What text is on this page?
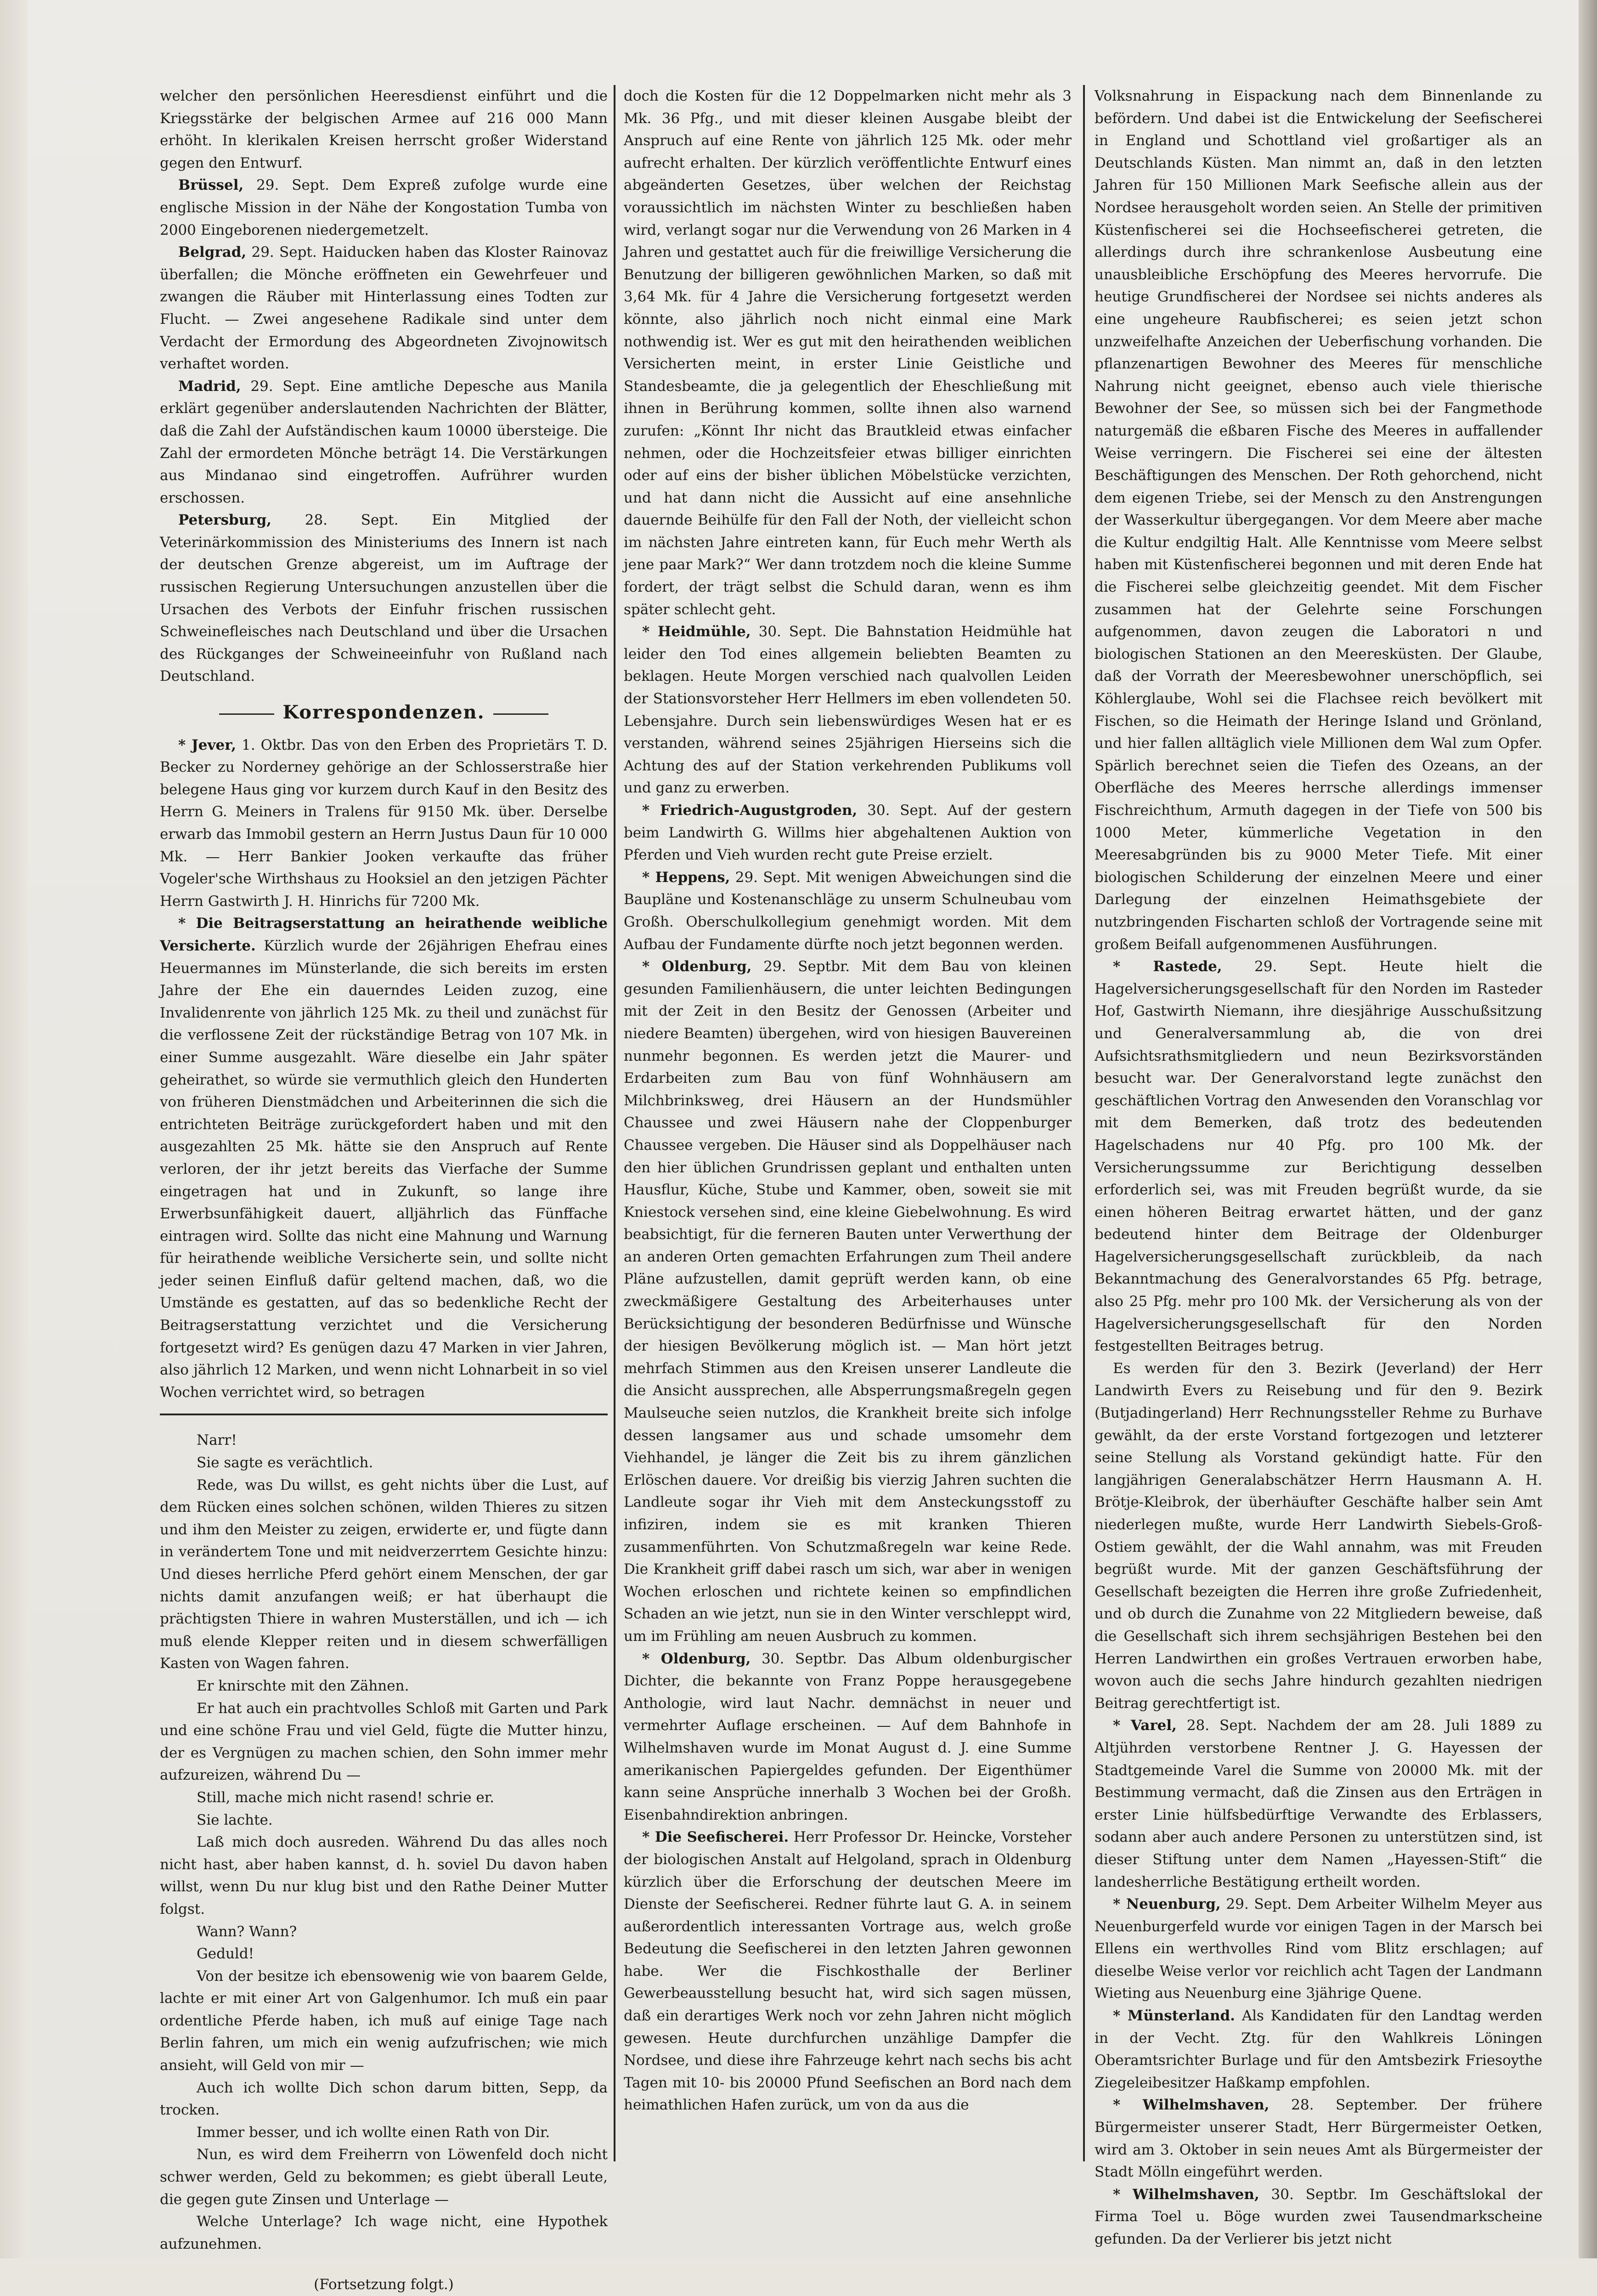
welcher den persönlichen Heeresdienst einführt und die Kriegsstärke der belgischen Armee auf 216 000 Mann erhöht. In klerikalen Kreisen herrscht großer Widerstand gegen den Entwurf.

Brüssel, 29. Sept. Dem Expreß zufolge wurde eine englische Mission in der Nähe der Kongostation Tumba von 2000 Eingeborenen niedergemetzelt.

Belgrad, 29. Sept. Haiducken haben das Kloster Rainovaz überfallen; die Mönche eröffneten ein Gewehrfeuer und zwangen die Räuber mit Hinterlassung eines Todten zur Flucht. — Zwei angesehene Radikale sind unter dem Verdacht der Ermordung des Abgeordneten Zivojnowitsch verhaftet worden.

Madrid, 29. Sept. Eine amtliche Depesche aus Manila erklärt gegenüber anderslautenden Nachrichten der Blätter, daß die Zahl der Aufständischen kaum 10000 übersteige. Die Zahl der ermordeten Mönche beträgt 14. Die Verstärkungen aus Mindanao sind eingetroffen. Aufrührer wurden erschossen.

Petersburg, 28. Sept. Ein Mitglied der Veterinärkommission des Ministeriums des Innern ist nach der deutschen Grenze abgereist, um im Auftrage der russischen Regierung Untersuchungen anzustellen über die Ursachen des Verbots der Einfuhr frischen russischen Schweinefleisches nach Deutschland und über die Ursachen des Rückganges der Schweineeinfuhr von Rußland nach Deutschland.

Korrespondenzen.

* Jever, 1. Oktbr. Das von den Erben des Proprietärs T. D. Becker zu Norderney gehörige an der Schlosserstraße hier belegene Haus ging vor kurzem durch Kauf in den Besitz des Herrn G. Meiners in Tralens für 9150 Mk. über. Derselbe erwarb das Immobil gestern an Herrn Justus Daun für 10 000 Mk. — Herr Bankier Jooken verkaufte das früher Vogeler'sche Wirthshaus zu Hooksiel an den jetzigen Pächter Herrn Gastwirth J. H. Hinrichs für 7200 Mk.

* Die Beitragserstattung an heirathende weibliche Versicherte. Kürzlich wurde der 26jährigen Ehefrau eines Heuermannes im Münsterlande, die sich bereits im ersten Jahre der Ehe ein dauerndes Leiden zuzog, eine Invalidenrente von jährlich 125 Mk. zu theil und zunächst für die verflossene Zeit der rückständige Betrag von 107 Mk. in einer Summe ausgezahlt. Wäre dieselbe ein Jahr später geheirathet, so würde sie vermuthlich gleich den Hunderten von früheren Dienstmädchen und Arbeiterinnen die sich die entrichteten Beiträge zurückgefordert haben und mit den ausgezahlten 25 Mk. hätte sie den Anspruch auf Rente verloren, der ihr jetzt bereits das Vierfache der Summe eingetragen hat und in Zukunft, so lange ihre Erwerbsunfähigkeit dauert, alljährlich das Fünffache eintragen wird. Sollte das nicht eine Mahnung und Warnung für heirathende weibliche Versicherte sein, und sollte nicht jeder seinen Einfluß dafür geltend machen, daß, wo die Umstände es gestatten, auf das so bedenkliche Recht der Beitragserstattung verzichtet und die Versicherung fortgesetzt wird? Es genügen dazu 47 Marken in vier Jahren, also jährlich 12 Marken, und wenn nicht Lohnarbeit in so viel Wochen verrichtet wird, so betragen

Narr!

Sie sagte es verächtlich.

Rede, was Du willst, es geht nichts über die Lust, auf dem Rücken eines solchen schönen, wilden Thieres zu sitzen und ihm den Meister zu zeigen, erwiderte er, und fügte dann in verändertem Tone und mit neidverzerrtem Gesichte hinzu: Und dieses herrliche Pferd gehört einem Menschen, der gar nichts damit anzufangen weiß; er hat überhaupt die prächtigsten Thiere in wahren Musterställen, und ich — ich muß elende Klepper reiten und in diesem schwerfälligen Kasten von Wagen fahren.

Er knirschte mit den Zähnen.

Er hat auch ein prachtvolles Schloß mit Garten und Park und eine schöne Frau und viel Geld, fügte die Mutter hinzu, der es Vergnügen zu machen schien, den Sohn immer mehr aufzureizen, während Du —

Still, mache mich nicht rasend! schrie er.

Sie lachte.

Laß mich doch ausreden. Während Du das alles noch nicht hast, aber haben kannst, d. h. soviel Du davon haben willst, wenn Du nur klug bist und den Rathe Deiner Mutter folgst.

Wann? Wann?

Geduld!

Von der besitze ich ebensowenig wie von baarem Gelde, lachte er mit einer Art von Galgenhumor. Ich muß ein paar ordentliche Pferde haben, ich muß auf einige Tage nach Berlin fahren, um mich ein wenig aufzufrischen; wie mich ansieht, will Geld von mir —

Auch ich wollte Dich schon darum bitten, Sepp, da trocken.

Immer besser, und ich wollte einen Rath von Dir.

Nun, es wird dem Freiherrn von Löwenfeld doch nicht schwer werden, Geld zu bekommen; es giebt überall Leute, die gegen gute Zinsen und Unterlage —

Welche Unterlage? Ich wage nicht, eine Hypothek aufzunehmen.

(Fortsetzung folgt.)

doch die Kosten für die 12 Doppelmarken nicht mehr als 3 Mk. 36 Pfg., und mit dieser kleinen Ausgabe bleibt der Anspruch auf eine Rente von jährlich 125 Mk. oder mehr aufrecht erhalten. Der kürzlich veröffentlichte Entwurf eines abgeänderten Gesetzes, über welchen der Reichstag voraussichtlich im nächsten Winter zu beschließen haben wird, verlangt sogar nur die Verwendung von 26 Marken in 4 Jahren und gestattet auch für die freiwillige Versicherung die Benutzung der billigeren gewöhnlichen Marken, so daß mit 3,64 Mk. für 4 Jahre die Versicherung fortgesetzt werden könnte, also jährlich noch nicht einmal eine Mark nothwendig ist. Wer es gut mit den heirathenden weiblichen Versicherten meint, in erster Linie Geistliche und Standesbeamte, die ja gelegentlich der Eheschließung mit ihnen in Berührung kommen, sollte ihnen also warnend zurufen: „Könnt Ihr nicht das Brautkleid etwas einfacher nehmen, oder die Hochzeitsfeier etwas billiger einrichten oder auf eins der bisher üblichen Möbelstücke verzichten, und hat dann nicht die Aussicht auf eine ansehnliche dauernde Beihülfe für den Fall der Noth, der vielleicht schon im nächsten Jahre eintreten kann, für Euch mehr Werth als jene paar Mark?“ Wer dann trotzdem noch die kleine Summe fordert, der trägt selbst die Schuld daran, wenn es ihm später schlecht geht.

* Heidmühle, 30. Sept. Die Bahnstation Heidmühle hat leider den Tod eines allgemein beliebten Beamten zu beklagen. Heute Morgen verschied nach qualvollen Leiden der Stationsvorsteher Herr Hellmers im eben vollendeten 50. Lebensjahre. Durch sein liebenswürdiges Wesen hat er es verstanden, während seines 25jährigen Hierseins sich die Achtung des auf der Station verkehrenden Publikums voll und ganz zu erwerben.

* Friedrich-Augustgroden, 30. Sept. Auf der gestern beim Landwirth G. Willms hier abgehaltenen Auktion von Pferden und Vieh wurden recht gute Preise erzielt.

* Heppens, 29. Sept. Mit wenigen Abweichungen sind die Baupläne und Kostenanschläge zu unserm Schulneubau vom Großh. Oberschulkollegium genehmigt worden. Mit dem Aufbau der Fundamente dürfte noch jetzt begonnen werden.

* Oldenburg, 29. Septbr. Mit dem Bau von kleinen gesunden Familienhäusern, die unter leichten Bedingungen mit der Zeit in den Besitz der Genossen (Arbeiter und niedere Beamten) übergehen, wird von hiesigen Bauvereinen nunmehr begonnen. Es werden jetzt die Maurer- und Erdarbeiten zum Bau von fünf Wohnhäusern am Milchbrinksweg, drei Häusern an der Hundsmühler Chaussee und zwei Häusern nahe der Cloppenburger Chaussee vergeben. Die Häuser sind als Doppelhäuser nach den hier üblichen Grundrissen geplant und enthalten unten Hausflur, Küche, Stube und Kammer, oben, soweit sie mit Kniestock versehen sind, eine kleine Giebelwohnung. Es wird beabsichtigt, für die ferneren Bauten unter Verwerthung der an anderen Orten gemachten Erfahrungen zum Theil andere Pläne aufzustellen, damit geprüft werden kann, ob eine zweckmäßigere Gestaltung des Arbeiterhauses unter Berücksichtigung der besonderen Bedürfnisse und Wünsche der hiesigen Bevölkerung möglich ist. — Man hört jetzt mehrfach Stimmen aus den Kreisen unserer Landleute die die Ansicht aussprechen, alle Absperrungsmaßregeln gegen Maulseuche seien nutzlos, die Krankheit breite sich infolge dessen langsamer aus und schade umsomehr dem Viehhandel, je länger die Zeit bis zu ihrem gänzlichen Erlöschen dauere. Vor dreißig bis vierzig Jahren suchten die Landleute sogar ihr Vieh mit dem Ansteckungsstoff zu infiziren, indem sie es mit kranken Thieren zusammenführten. Von Schutzmaßregeln war keine Rede. Die Krankheit griff dabei rasch um sich, war aber in wenigen Wochen erloschen und richtete keinen so empfindlichen Schaden an wie jetzt, nun sie in den Winter verschleppt wird, um im Frühling am neuen Ausbruch zu kommen.

* Oldenburg, 30. Septbr. Das Album oldenburgischer Dichter, die bekannte von Franz Poppe herausgegebene Anthologie, wird laut Nachr. demnächst in neuer und vermehrter Auflage erscheinen. — Auf dem Bahnhofe in Wilhelmshaven wurde im Monat August d. J. eine Summe amerikanischen Papiergeldes gefunden. Der Eigenthümer kann seine Ansprüche innerhalb 3 Wochen bei der Großh. Eisenbahndirektion anbringen.

* Die Seefischerei. Herr Professor Dr. Heincke, Vorsteher der biologischen Anstalt auf Helgoland, sprach in Oldenburg kürzlich über die Erforschung der deutschen Meere im Dienste der Seefischerei. Redner führte laut G. A. in seinem außerordentlich interessanten Vortrage aus, welch große Bedeutung die Seefischerei in den letzten Jahren gewonnen habe. Wer die Fischkosthalle der Berliner Gewerbeausstellung besucht hat, wird sich sagen müssen, daß ein derartiges Werk noch vor zehn Jahren nicht möglich gewesen. Heute durchfurchen unzählige Dampfer die Nordsee, und diese ihre Fahrzeuge kehrt nach sechs bis acht Tagen mit 10- bis 20000 Pfund Seefischen an Bord nach dem heimathlichen Hafen zurück, um von da aus die

Volksnahrung in Eispackung nach dem Binnenlande zu befördern. Und dabei ist die Entwickelung der Seefischerei in England und Schottland viel großartiger als an Deutschlands Küsten. Man nimmt an, daß in den letzten Jahren für 150 Millionen Mark Seefische allein aus der Nordsee herausgeholt worden seien. An Stelle der primitiven Küstenfischerei sei die Hochseefischerei getreten, die allerdings durch ihre schrankenlose Ausbeutung eine unausbleibliche Erschöpfung des Meeres hervorrufe. Die heutige Grundfischerei der Nordsee sei nichts anderes als eine ungeheure Raubfischerei; es seien jetzt schon unzweifelhafte Anzeichen der Ueberfischung vorhanden. Die pflanzenartigen Bewohner des Meeres für menschliche Nahrung nicht geeignet, ebenso auch viele thierische Bewohner der See, so müssen sich bei der Fangmethode naturgemäß die eßbaren Fische des Meeres in auffallender Weise verringern. Die Fischerei sei eine der ältesten Beschäftigungen des Menschen. Der Roth gehorchend, nicht dem eigenen Triebe, sei der Mensch zu den Anstrengungen der Wasserkultur übergegangen. Vor dem Meere aber mache die Kultur endgiltig Halt. Alle Kenntnisse vom Meere selbst haben mit Küstenfischerei begonnen und mit deren Ende hat die Fischerei selbe gleichzeitig geendet. Mit dem Fischer zusammen hat der Gelehrte seine Forschungen aufgenommen, davon zeugen die Laboratori n und biologischen Stationen an den Meeresküsten. Der Glaube, daß der Vorrath der Meeresbewohner unerschöpflich, sei Köhlerglaube, Wohl sei die Flachsee reich bevölkert mit Fischen, so die Heimath der Heringe Island und Grönland, und hier fallen alltäglich viele Millionen dem Wal zum Opfer. Spärlich berechnet seien die Tiefen des Ozeans, an der Oberfläche des Meeres herrsche allerdings immenser Fischreichthum, Armuth dagegen in der Tiefe von 500 bis 1000 Meter, kümmerliche Vegetation in den Meeresabgründen bis zu 9000 Meter Tiefe. Mit einer biologischen Schilderung der einzelnen Meere und einer Darlegung der einzelnen Heimathsgebiete der nutzbringenden Fischarten schloß der Vortragende seine mit großem Beifall aufgenommenen Ausführungen.

* Rastede, 29. Sept. Heute hielt die Hagelversicherungsgesellschaft für den Norden im Rasteder Hof, Gastwirth Niemann, ihre diesjährige Ausschußsitzung und Generalversammlung ab, die von drei Aufsichtsrathsmitgliedern und neun Bezirksvorständen besucht war. Der Generalvorstand legte zunächst den geschäftlichen Vortrag den Anwesenden den Voranschlag vor mit dem Bemerken, daß trotz des bedeutenden Hagelschadens nur 40 Pfg. pro 100 Mk. der Versicherungssumme zur Berichtigung desselben erforderlich sei, was mit Freuden begrüßt wurde, da sie einen höheren Beitrag erwartet hätten, und der ganz bedeutend hinter dem Beitrage der Oldenburger Hagelversicherungsgesellschaft zurückbleib, da nach Bekanntmachung des Generalvorstandes 65 Pfg. betrage, also 25 Pfg. mehr pro 100 Mk. der Versicherung als von der Hagelversicherungsgesellschaft für den Norden festgestellten Beitrages betrug.

Es werden für den 3. Bezirk (Jeverland) der Herr Landwirth Evers zu Reisebung und für den 9. Bezirk (Butjadingerland) Herr Rechnungssteller Rehme zu Burhave gewählt, da der erste Vorstand fortgezogen und letzterer seine Stellung als Vorstand gekündigt hatte. Für den langjährigen Generalabschätzer Herrn Hausmann A. H. Brötje-Kleibrok, der überhäufter Geschäfte halber sein Amt niederlegen mußte, wurde Herr Landwirth Siebels-Groß-Ostiem gewählt, der die Wahl annahm, was mit Freuden begrüßt wurde. Mit der ganzen Geschäftsführung der Gesellschaft bezeigten die Herren ihre große Zufriedenheit, und ob durch die Zunahme von 22 Mitgliedern beweise, daß die Gesellschaft sich ihrem sechsjährigen Bestehen bei den Herren Landwirthen ein großes Vertrauen erworben habe, wovon auch die sechs Jahre hindurch gezahlten niedrigen Beitrag gerechtfertigt ist.

* Varel, 28. Sept. Nachdem der am 28. Juli 1889 zu Altjührden verstorbene Rentner J. G. Hayessen der Stadtgemeinde Varel die Summe von 20000 Mk. mit der Bestimmung vermacht, daß die Zinsen aus den Erträgen in erster Linie hülfsbedürftige Verwandte des Erblassers, sodann aber auch andere Personen zu unterstützen sind, ist dieser Stiftung unter dem Namen „Hayessen-Stift“ die landesherrliche Bestätigung ertheilt worden.

* Neuenburg, 29. Sept. Dem Arbeiter Wilhelm Meyer aus Neuenburgerfeld wurde vor einigen Tagen in der Marsch bei Ellens ein werthvolles Rind vom Blitz erschlagen; auf dieselbe Weise verlor vor reichlich acht Tagen der Landmann Wieting aus Neuenburg eine 3jährige Quene.

* Münsterland. Als Kandidaten für den Landtag werden in der Vecht. Ztg. für den Wahlkreis Löningen Oberamtsrichter Burlage und für den Amtsbezirk Friesoythe Ziegeleibesitzer Haßkamp empfohlen.

* Wilhelmshaven, 28. September. Der frühere Bürgermeister unserer Stadt, Herr Bürgermeister Oetken, wird am 3. Oktober in sein neues Amt als Bürgermeister der Stadt Mölln eingeführt werden.

* Wilhelmshaven, 30. Septbr. Im Geschäftslokal der Firma Toel u. Böge wurden zwei Tausendmarkscheine gefunden. Da der Verlierer bis jetzt nicht
